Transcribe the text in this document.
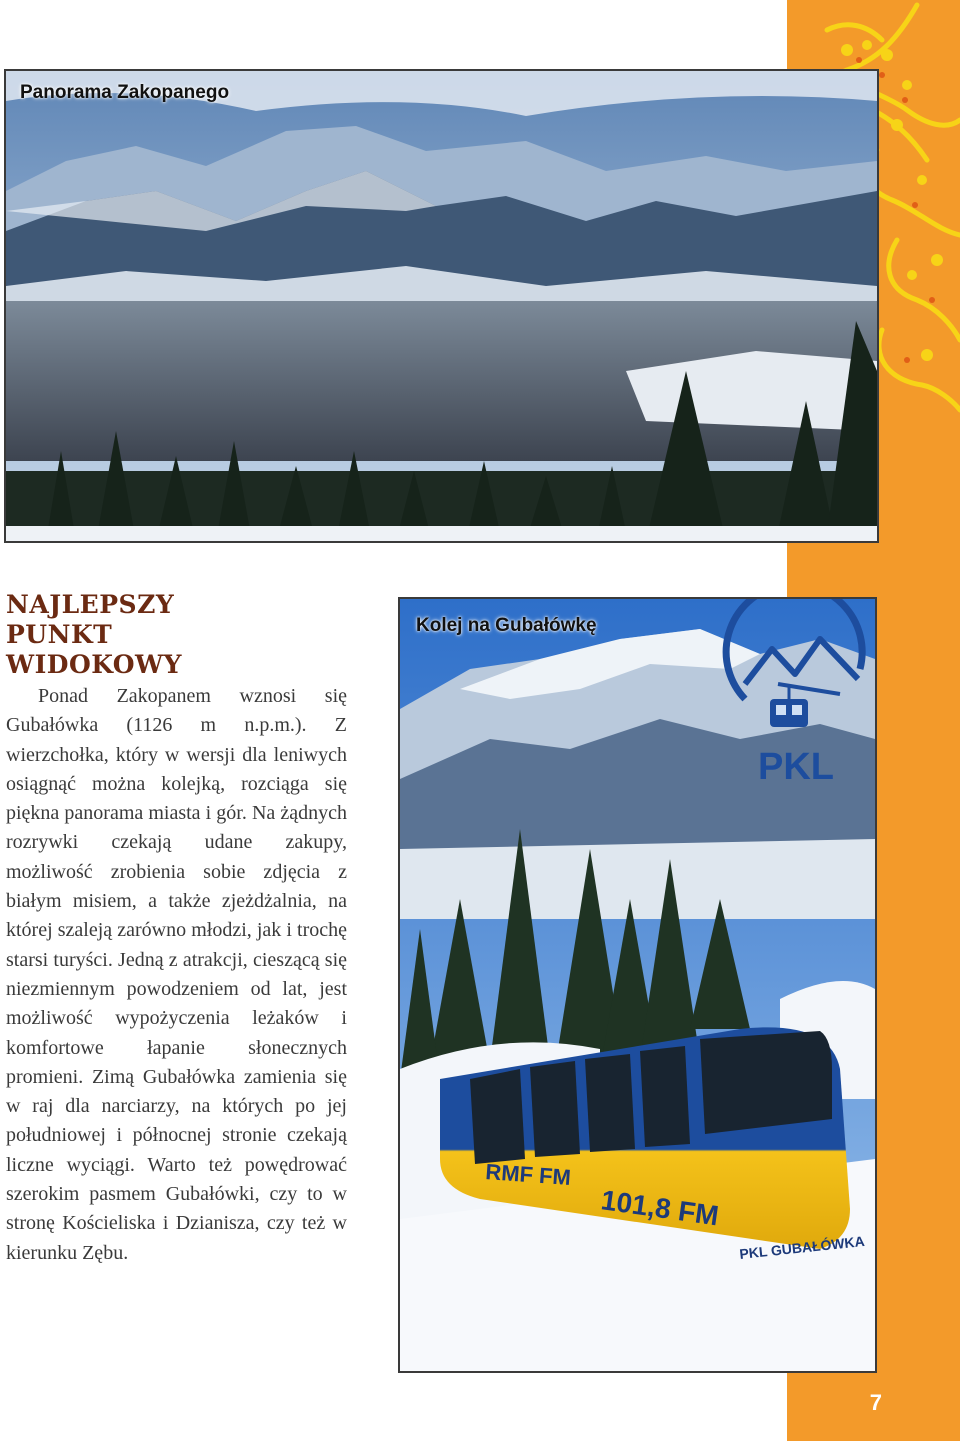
Panorama Zakopanego
NAJLEPSZY PUNKT WIDOKOWY
Ponad Zakopanem wznosi się Gubałówka (1126 m n.p.m.). Z wierzchołka, który w wersji dla leniwych osiągnąć można kolejką, rozciąga się piękna panorama miasta i gór. Na żądnych rozrywki czekają udane zakupy, możliwość zrobienia sobie zdjęcia z białym misiem, a także zjeżdżalnia, na której szaleją zarówno młodzi, jak i trochę starsi turyści. Jedną z atrakcji, cieszącą się niezmiennym powodzeniem od lat, jest możliwość wypożyczenia leżaków i komfortowe łapanie słonecznych promieni. Zimą Gubałówka zamienia się w raj dla narciarzy, na których po jej południowej i północnej stronie czekają liczne wyciągi. Warto też powędrować szerokim pasmem Gubałówki, czy to w stronę Kościeliska i Dzianisza, czy też w kierunku Zębu.
101,8 FM
RMF FM
PKL GUBAŁÓWKA
PKL
Kolej na Gubałówkę
7
